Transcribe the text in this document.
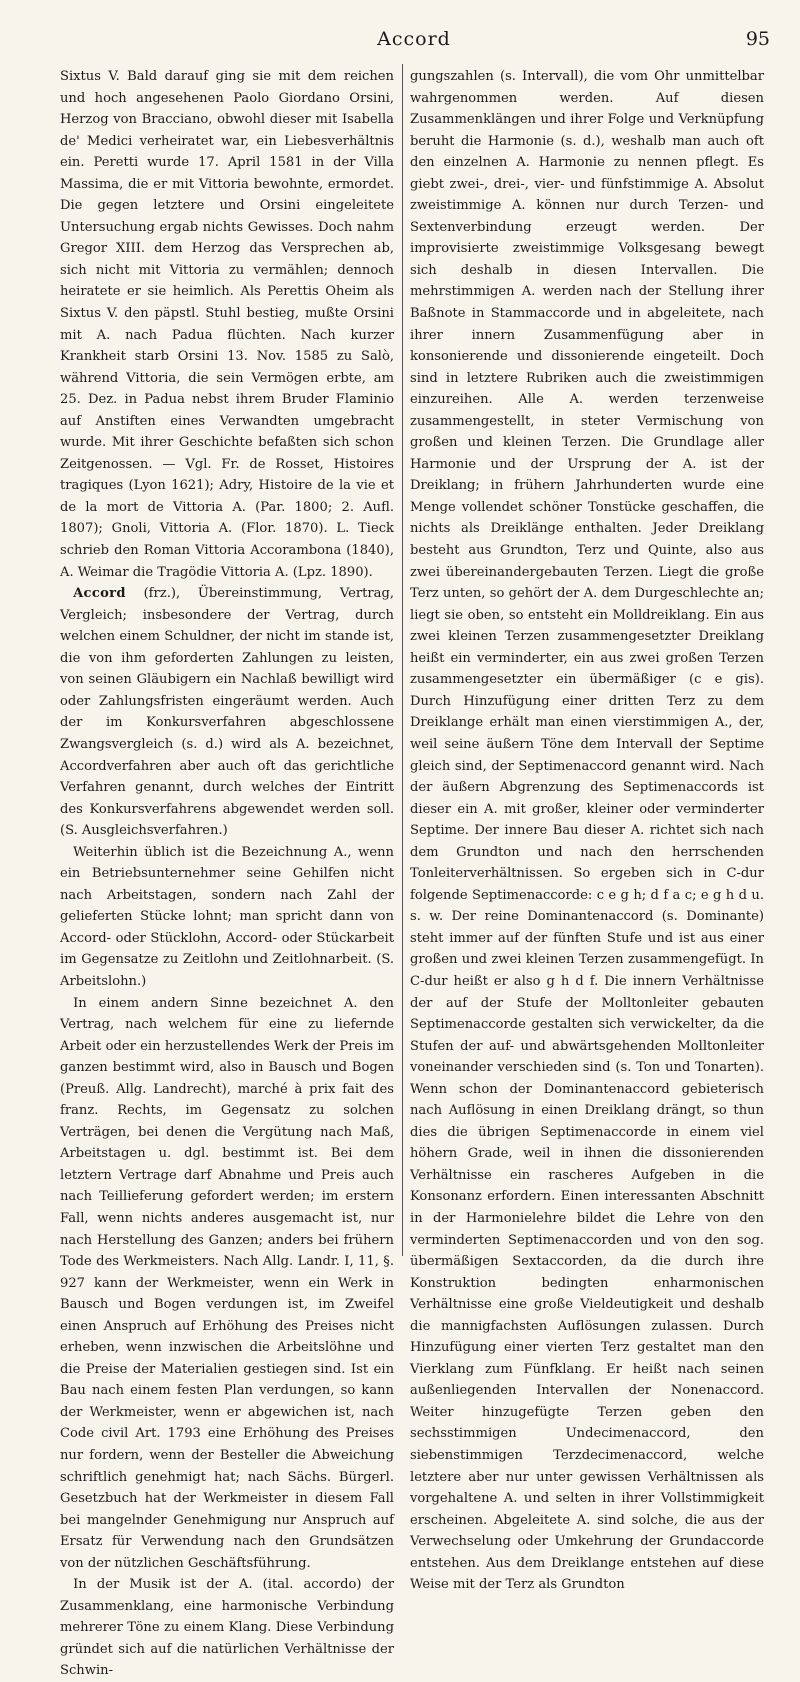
Accord	95

Sixtus V. Bald darauf ging sie mit dem reichen und hoch angesehenen Paolo Giordano Orsini, Herzog von Bracciano, obwohl dieser mit Isabella de' Medici verheiratet war, ein Liebesverhältnis ein. Peretti wurde 17. April 1581 in der Villa Massima, die er mit Vittoria bewohnte, ermordet. Die gegen letztere und Orsini eingeleitete Untersuchung ergab nichts Gewisses. Doch nahm Gregor XIII. dem Herzog das Versprechen ab, sich nicht mit Vittoria zu vermählen; dennoch heiratete er sie heimlich. Als Perettis Oheim als Sixtus V. den päpstl. Stuhl bestieg, mußte Orsini mit A. nach Padua flüchten. Nach kurzer Krankheit starb Orsini 13. Nov. 1585 zu Salò, während Vittoria, die sein Vermögen erbte, am 25. Dez. in Padua nebst ihrem Bruder Flaminio auf Anstiften eines Verwandten umgebracht wurde. Mit ihrer Geschichte befaßten sich schon Zeitgenossen. — Vgl. Fr. de Rosset, Histoires tragiques (Lyon 1621); Adry, Histoire de la vie et de la mort de Vittoria A. (Par. 1800; 2. Aufl. 1807); Gnoli, Vittoria A. (Flor. 1870). L. Tieck schrieb den Roman Vittoria Accorambona (1840), A. Weimar die Tragödie Vittoria A. (Lpz. 1890).

Accord (frz.), Übereinstimmung, Vertrag, Vergleich; insbesondere der Vertrag, durch welchen einem Schuldner, der nicht im stande ist, die von ihm geforderten Zahlungen zu leisten, von seinen Gläubigern ein Nachlaß bewilligt wird oder Zahlungsfristen eingeräumt werden. Auch der im Konkursverfahren abgeschlossene Zwangsvergleich (s. d.) wird als A. bezeichnet, Accordverfahren aber auch oft das gerichtliche Verfahren genannt, durch welches der Eintritt des Konkursverfahrens abgewendet werden soll. (S. Ausgleichsverfahren.)

Weiterhin üblich ist die Bezeichnung A., wenn ein Betriebsunternehmer seine Gehilfen nicht nach Arbeitstagen, sondern nach Zahl der gelieferten Stücke lohnt; man spricht dann von Accord- oder Stücklohn, Accord- oder Stückarbeit im Gegensatze zu Zeitlohn und Zeitlohnarbeit. (S. Arbeitslohn.)

In einem andern Sinne bezeichnet A. den Vertrag, nach welchem für eine zu liefernde Arbeit oder ein herzustellendes Werk der Preis im ganzen bestimmt wird, also in Bausch und Bogen (Preuß. Allg. Landrecht), marché à prix fait des franz. Rechts, im Gegensatz zu solchen Verträgen, bei denen die Vergütung nach Maß, Arbeitstagen u. dgl. bestimmt ist. Bei dem letztern Vertrage darf Abnahme und Preis auch nach Teillieferung gefordert werden; im erstern Fall, wenn nichts anderes ausgemacht ist, nur nach Herstellung des Ganzen; anders bei frühern Tode des Werkmeisters. Nach Allg. Landr. I, 11, §. 927 kann der Werkmeister, wenn ein Werk in Bausch und Bogen verdungen ist, im Zweifel einen Anspruch auf Erhöhung des Preises nicht erheben, wenn inzwischen die Arbeitslöhne und die Preise der Materialien gestiegen sind. Ist ein Bau nach einem festen Plan verdungen, so kann der Werkmeister, wenn er abgewichen ist, nach Code civil Art. 1793 eine Erhöhung des Preises nur fordern, wenn der Besteller die Abweichung schriftlich genehmigt hat; nach Sächs. Bürgerl. Gesetzbuch hat der Werkmeister in diesem Fall bei mangelnder Genehmigung nur Anspruch auf Ersatz für Verwendung nach den Grundsätzen von der nützlichen Geschäftsführung.

In der Musik ist der A. (ital. accordo) der Zusammenklang, eine harmonische Verbindung mehrerer Töne zu einem Klang. Diese Verbindung gründet sich auf die natürlichen Verhältnisse der Schwin-

gungszahlen (s. Intervall), die vom Ohr unmittelbar wahrgenommen werden. Auf diesen Zusammenklängen und ihrer Folge und Verknüpfung beruht die Harmonie (s. d.), weshalb man auch oft den einzelnen A. Harmonie zu nennen pflegt. Es giebt zwei-, drei-, vier- und fünfstimmige A. Absolut zweistimmige A. können nur durch Terzen- und Sextenverbindung erzeugt werden. Der improvisierte zweistimmige Volksgesang bewegt sich deshalb in diesen Intervallen. Die mehrstimmigen A. werden nach der Stellung ihrer Baßnote in Stammaccorde und in abgeleitete, nach ihrer innern Zusammenfügung aber in konsonierende und dissonierende eingeteilt. Doch sind in letztere Rubriken auch die zweistimmigen einzureihen. Alle A. werden terzenweise zusammengestellt, in steter Vermischung von großen und kleinen Terzen. Die Grundlage aller Harmonie und der Ursprung der A. ist der Dreiklang; in frühern Jahrhunderten wurde eine Menge vollendet schöner Tonstücke geschaffen, die nichts als Dreiklänge enthalten. Jeder Dreiklang besteht aus Grundton, Terz und Quinte, also aus zwei übereinandergebauten Terzen. Liegt die große Terz unten, so gehört der A. dem Durgeschlechte an; liegt sie oben, so entsteht ein Molldreiklang. Ein aus zwei kleinen Terzen zusammengesetzter Dreiklang heißt ein verminderter, ein aus zwei großen Terzen zusammengesetzter ein übermäßiger (c e gis). Durch Hinzufügung einer dritten Terz zu dem Dreiklange erhält man einen vierstimmigen A., der, weil seine äußern Töne dem Intervall der Septime gleich sind, der Septimenaccord genannt wird. Nach der äußern Abgrenzung des Septimenaccords ist dieser ein A. mit großer, kleiner oder verminderter Septime. Der innere Bau dieser A. richtet sich nach dem Grundton und nach den herrschenden Tonleiterverhältnissen. So ergeben sich in C-dur folgende Septimenaccorde: c e g h; d f a c; e g h d u. s. w. Der reine Dominantenaccord (s. Dominante) steht immer auf der fünften Stufe und ist aus einer großen und zwei kleinen Terzen zusammengefügt. In C-dur heißt er also g h d f. Die innern Verhältnisse der auf der Stufe der Molltonleiter gebauten Septimenaccorde gestalten sich verwickelter, da die Stufen der auf- und abwärtsgehenden Molltonleiter voneinander verschieden sind (s. Ton und Tonarten). Wenn schon der Dominantenaccord gebieterisch nach Auflösung in einen Dreiklang drängt, so thun dies die übrigen Septimenaccorde in einem viel höhern Grade, weil in ihnen die dissonierenden Verhältnisse ein rascheres Aufgeben in die Konsonanz erfordern. Einen interessanten Abschnitt in der Harmonielehre bildet die Lehre von den verminderten Septimenaccorden und von den sog. übermäßigen Sextaccorden, da die durch ihre Konstruktion bedingten enharmonischen Verhältnisse eine große Vieldeutigkeit und deshalb die mannigfachsten Auflösungen zulassen. Durch Hinzufügung einer vierten Terz gestaltet man den Vierklang zum Fünfklang. Er heißt nach seinen außenliegenden Intervallen der Nonenaccord. Weiter hinzugefügte Terzen geben den sechsstimmigen Undecimenaccord, den siebenstimmigen Terzdecimenaccord, welche letztere aber nur unter gewissen Verhältnissen als vorgehaltene A. und selten in ihrer Vollstimmigkeit erscheinen. Abgeleitete A. sind solche, die aus der Verwechselung oder Umkehrung der Grundaccorde entstehen. Aus dem Dreiklange entstehen auf diese Weise mit der Terz als Grundton
